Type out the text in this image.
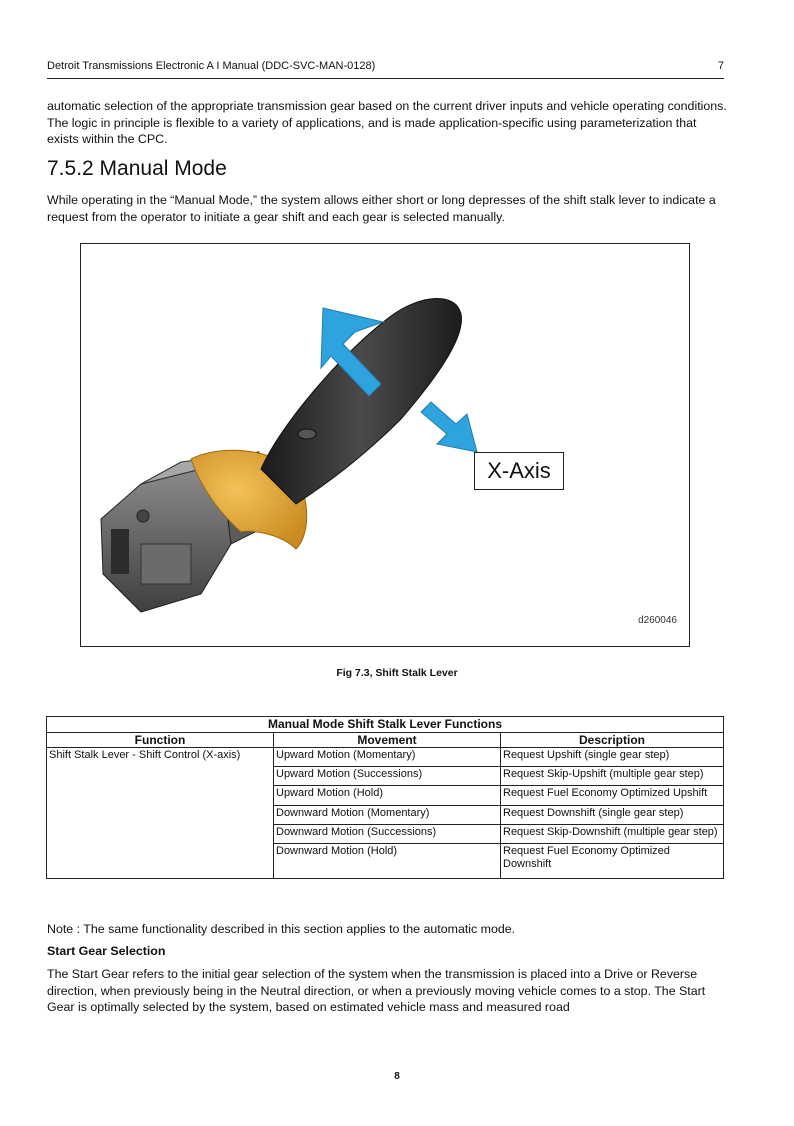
Detroit Transmissions Electronic A I Manual (DDC-SVC-MAN-0128)	7

automatic selection of the appropriate transmission gear based on the current driver inputs and vehicle operating conditions. The logic in principle is flexible to a variety of applications, and is made application-specific using parameterization that exists within the CPC.

7.5.2 Manual Mode

While operating in the “Manual Mode,” the system allows either short or long depresses of the shift stalk lever to indicate a request from the operator to initiate a gear shift and each gear is selected manually.

X-Axis
d260046
Fig 7.3, Shift Stalk Lever
Manual Mode Shift Stalk Lever Functions		
Function	Movement	Description
Shift Stalk Lever - Shift Control (X-axis)	Upward Motion (Momentary)	Request Upshift (single gear step)
	Upward Motion (Successions)	Request Skip-Upshift (multiple gear step)
	Upward Motion (Hold)	Request Fuel Economy Optimized Upshift
	Downward Motion (Momentary)	Request Downshift (single gear step)
	Downward Motion (Successions)	Request Skip-Downshift (multiple gear step)
	Downward Motion (Hold)	Request Fuel Economy Optimized Downshift

Note : The same functionality described in this section applies to the automatic mode.

Start Gear Selection

The Start Gear refers to the initial gear selection of the system when the transmission is placed into a Drive or Reverse direction, when previously being in the Neutral direction, or when a previously moving vehicle comes to a stop. The Start Gear is optimally selected by the system, based on estimated vehicle mass and measured road

8
